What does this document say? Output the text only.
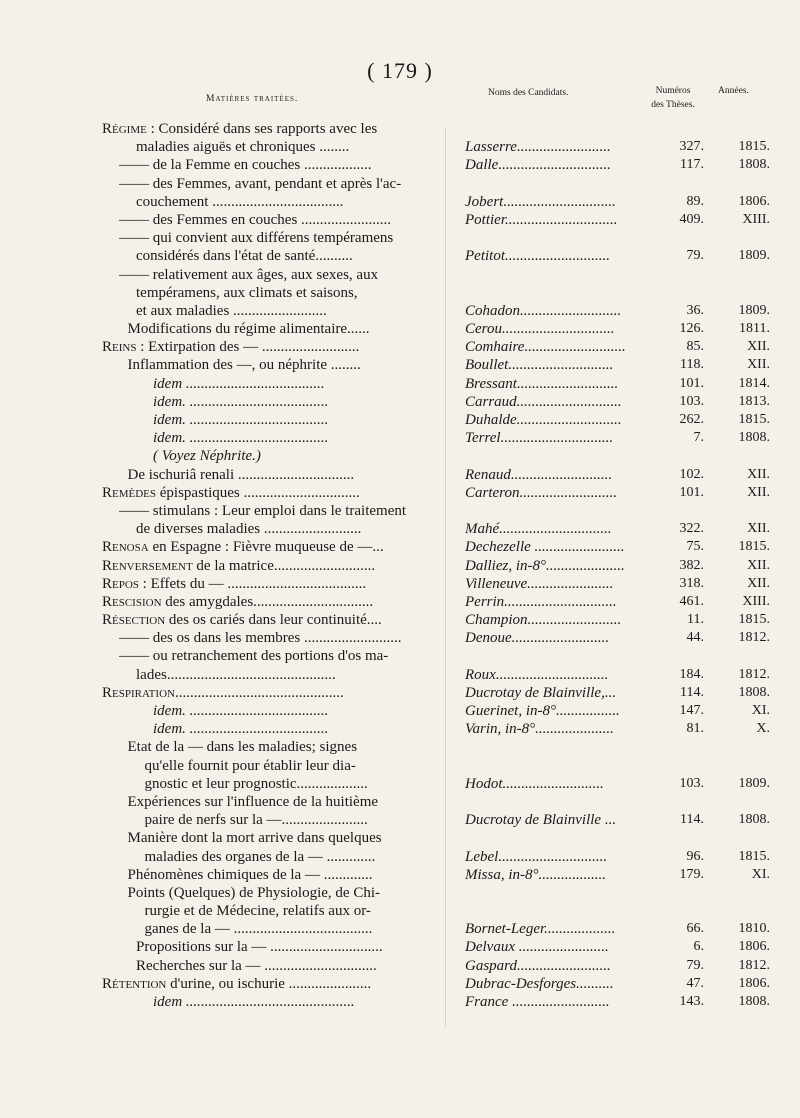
( 179 )
Matières traitées.
Noms des Candidats.	Numéros
des Thèses.
Années.
Régime : Considéré dans ses rapports avec les
maladies aiguës et chroniques ........	Lasserre.........................	327.	1815.
—— de la Femme en couches ..................	Dalle..............................	117.	1808.
—— des Femmes, avant, pendant et après l'ac-
couchement ...................................	Jobert..............................	89.	1806.
—— des Femmes en couches ........................	Pottier..............................	409.	XIII.
—— qui convient aux différens tempéramens
considérés dans l'état de santé..........	Petitot............................	79.	1809.
—— relativement aux âges, aux sexes, aux
tempéramens, aux climats et saisons,
et aux maladies .........................	Cohadon...........................	36.	1809.
Modifications du régime alimentaire......	Cerou..............................	126.	1811.
Reins : Extirpation des — ..........................	Comhaire...........................	85.	XII.
Inflammation des —, ou néphrite ........	Boullet............................	118.	XII.
idem .....................................	Bressant...........................	101.	1814.
idem. .....................................	Carraud............................	103.	1813.
idem. .....................................	Duhalde............................	262.	1815.
idem. .....................................	Terrel..............................	7.	1808.
( Voyez Néphrite.)
De ischuriâ renali ...............................	Renaud...........................	102.	XII.
Remèdes épispastiques ...............................	Carteron..........................	101.	XII.
—— stimulans : Leur emploi dans le traitement
de diverses maladies ..........................	Mahé..............................	322.	XII.
Renosa en Espagne : Fièvre muqueuse de —...	Dechezelle ........................	75.	1815.
Renversement de la matrice...........................	Dalliez, in-8°.....................	382.	XII.
Repos : Effets du — .....................................	Villeneuve.......................	318.	XII.
Rescision des amygdales................................	Perrin..............................	461.	XIII.
Résection des os cariés dans leur continuité....	Champion.........................	11.	1815.
—— des os dans les membres ..........................	Denoue..........................	44.	1812.
—— ou retranchement des portions d'os ma-
lades.............................................	Roux..............................	184.	1812.
Respiration.............................................	Ducrotay de Blainville,...	114.	1808.
idem. .....................................	Guerinet, in-8°.................	147.	XI.
idem. .....................................	Varin, in-8°.....................	81.	X.
Etat de la — dans les maladies; signes
qu'elle fournit pour établir leur dia-
gnostic et leur prognostic...................	Hodot...........................	103.	1809.
Expériences sur l'influence de la huitième
paire de nerfs sur la —.......................	Ducrotay de Blainville ...	114.	1808.
Manière dont la mort arrive dans quelques
maladies des organes de la — .............	Lebel.............................	96.	1815.
Phénomènes chimiques de la — .............	Missa, in-8°..................	179.	XI.
Points (Quelques) de Physiologie, de Chi-
rurgie et de Médecine, relatifs aux or-
ganes de la — .....................................	Bornet-Leger...................	66.	1810.
Propositions sur la — ..............................	Delvaux ........................	6.	1806.
Recherches sur la — ..............................	Gaspard.........................	79.	1812.
Rétention d'urine, ou ischurie ......................	Dubrac-Desforges..........	47.	1806.
idem .............................................	France ..........................	143.	1808.
